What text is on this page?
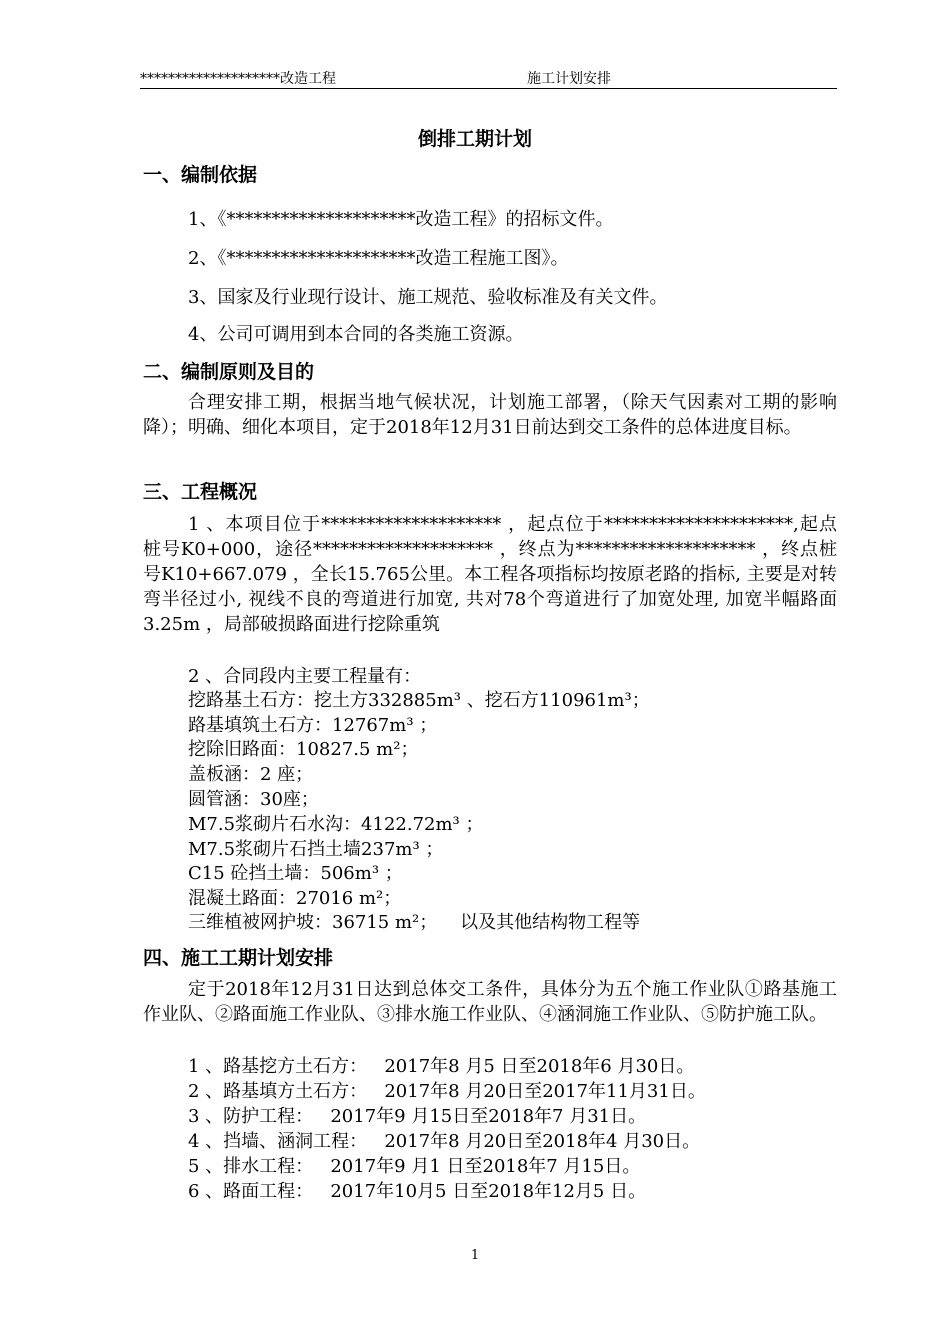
********************改造工程	施工计划安排
倒排工期计划
一、编制依据
1、《*********************改造工程》的招标文件。
2、《*********************改造工程施工图》。
3、国家及行业现行设计、施工规范、验收标准及有关文件。
4、公司可调用到本合同的各类施工资源。
二、编制原则及目的
合理安排工期，根据当地气候状况，计划施工部署，（除天气因素对工期的影响降）；明确、细化本项目，定于2018年12月31日前达到交工条件的总体进度目标。
三、工程概况
1 、本项目位于******************** ，起点位于*********************,起点桩号K0+000，途径******************** ，终点为******************** ，终点桩号K10+667.079 ，全长15.765公里。本工程各项指标均按原老路的指标, 主要是对转弯半径过小, 视线不良的弯道进行加宽, 共对78个弯道进行了加宽处理, 加宽半幅路面3.25m ，局部破损路面进行挖除重筑
2 、合同段内主要工程量有：
挖路基土石方：挖土方332885m³ 、挖石方110961m³；
路基填筑土石方：12767m³ ；
挖除旧路面：10827.5 m²；
盖板涵：2 座；
圆管涵：30座；
M7.5浆砌片石水沟：4122.72m³ ；
M7.5浆砌片石挡土墙237m³ ；
C15 砼挡土墙：506m³ ；
混凝土路面：27016 m²；
三维植被网护坡：36715 m²；    以及其他结构物工程等
四、施工工期计划安排
定于2018年12月31日达到总体交工条件，具体分为五个施工作业队①路基施工作业队、②路面施工作业队、③排水施工作业队、④涵洞施工作业队、⑤防护施工队。
1 、路基挖方土石方：   2017年8 月5 日至2018年6 月30日。
2 、路基填方土石方：   2017年8 月20日至2017年11月31日。
3 、防护工程：   2017年9 月15日至2018年7 月31日。
4 、挡墙、涵洞工程：   2017年8 月20日至2018年4 月30日。
5 、排水工程：   2017年9 月1 日至2018年7 月15日。
6 、路面工程：   2017年10月5 日至2018年12月5 日。
1
